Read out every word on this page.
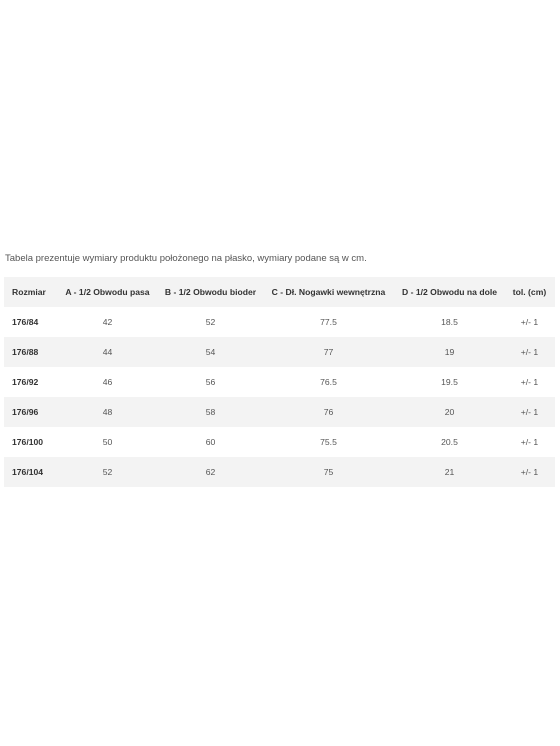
Tabela prezentuje wymiary produktu położonego na płasko, wymiary podane są w cm.
Rozmiar	A - 1/2 Obwodu pasa	B - 1/2 Obwodu bioder	C - Dł. Nogawki wewnętrzna	D - 1/2 Obwodu na dole	tol. (cm)
176/84	42	52	77.5	18.5	+/- 1
176/88	44	54	77	19	+/- 1
176/92	46	56	76.5	19.5	+/- 1
176/96	48	58	76	20	+/- 1
176/100	50	60	75.5	20.5	+/- 1
176/104	52	62	75	21	+/- 1
